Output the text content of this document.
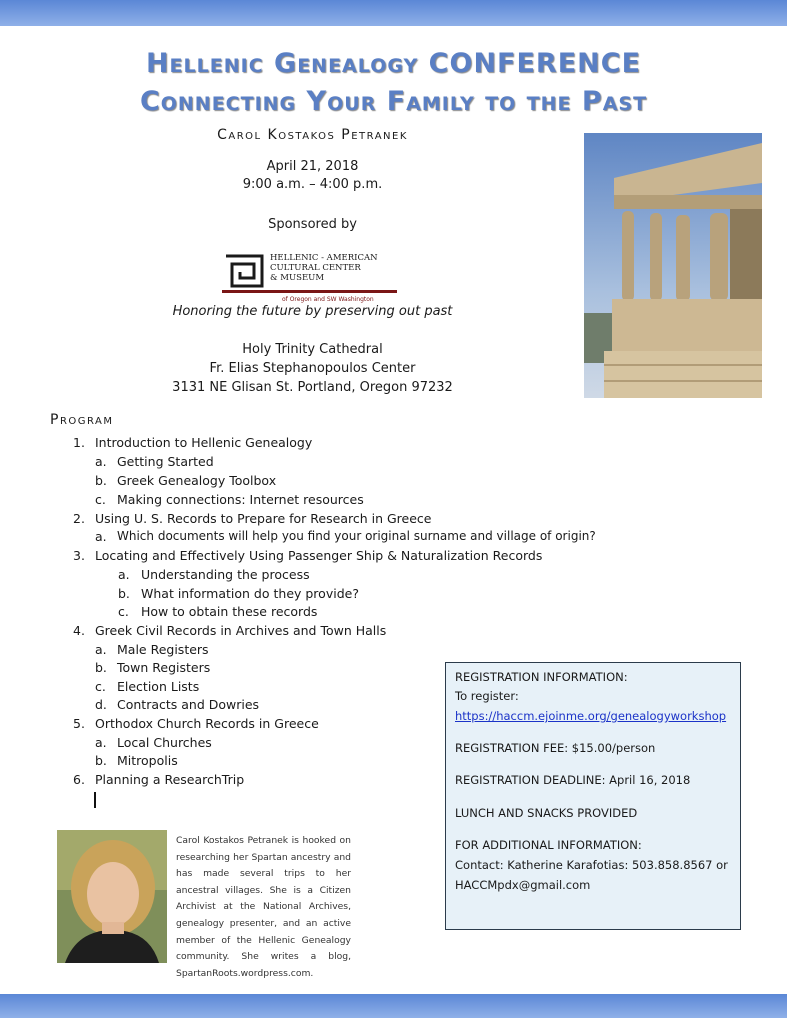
Hellenic Genealogy CONFERENCE
Connecting Your Family to the Past
Carol Kostakos Petranek
April 21, 2018
9:00 a.m. – 4:00 p.m.
Sponsored by
HELLENIC - AMERICAN
CULTURAL CENTER
& MUSEUM
of Oregon and SW Washington
Honoring the future by preserving out past
Holy Trinity Cathedral
Fr. Elias Stephanopoulos Center
3131 NE Glisan St. Portland, Oregon 97232
Program
1. Introduction to Hellenic Genealogy
a. Getting Started
b. Greek Genealogy Toolbox
c. Making connections: Internet resources
2. Using U. S. Records to Prepare for Research in Greece
a. Which documents will help you find your original surname and village of origin?
3. Locating and Effectively Using Passenger Ship & Naturalization Records
a. Understanding the process
b. What information do they provide?
c. How to obtain these records
4. Greek Civil Records in Archives and Town Halls
a. Male Registers
b. Town Registers
c. Election Lists
d. Contracts and Dowries
5. Orthodox Church Records in Greece
a. Local Churches
b. Mitropolis
6. Planning a ResearchTrip
REGISTRATION INFORMATION:
To register:
https://haccm.ejoinme.org/genealogyworkshop
REGISTRATION FEE: $15.00/person
REGISTRATION DEADLINE: April 16, 2018
LUNCH AND SNACKS PROVIDED
FOR ADDITIONAL INFORMATION:
Contact: Katherine Karafotias: 503.858.8567 or
HACCMpdx@gmail.com
Carol Kostakos Petranek is hooked on researching her Spartan ancestry and has made several trips to her ancestral villages. She is a Citizen Archivist at the National Archives, genealogy presenter, and an active member of the Hellenic Genealogy community. She writes a blog, SpartanRoots.wordpress.com.
